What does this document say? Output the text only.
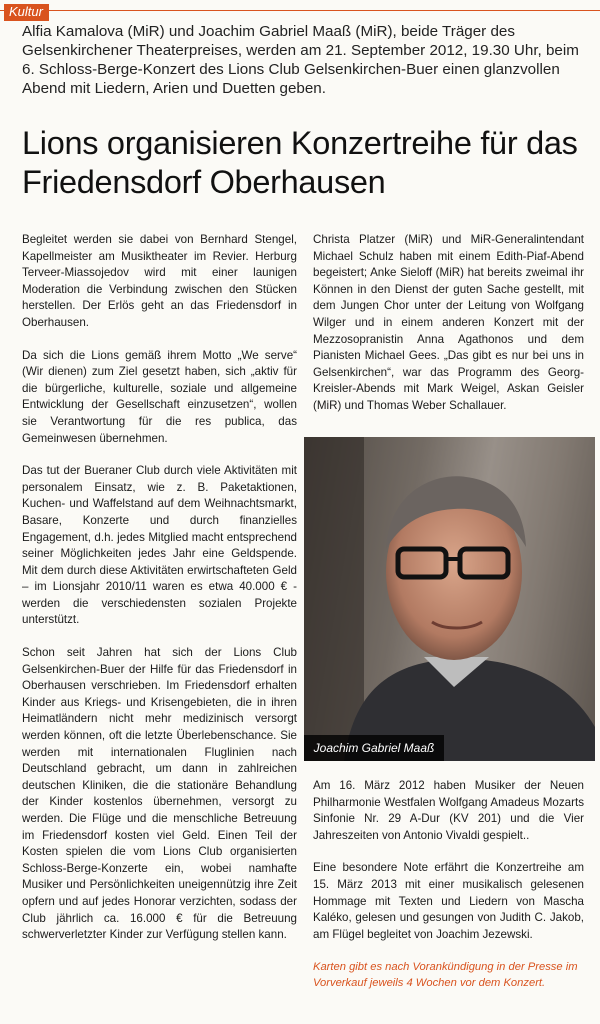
Kultur
Alfia Kamalova (MiR) und Joachim Gabriel Maaß (MiR), beide Träger des Gelsenkirchener Theaterpreises, werden am 21. September 2012, 19.30 Uhr, beim 6. Schloss-Berge-Konzert des Lions Club Gelsenkirchen-Buer einen glanzvollen Abend mit Liedern, Arien und Duetten geben.
Lions organisieren Konzertreihe für das Friedensdorf Oberhausen

Begleitet werden sie dabei von Bernhard Stengel, Kapellmeister am Musiktheater im Revier. Herburg Terveer-Miassojedov wird mit einer launigen Moderation die Verbindung zwischen den Stücken herstellen. Der Erlös geht an das Friedensdorf in Oberhausen.

Da sich die Lions gemäß ihrem Motto „We serve“ (Wir dienen) zum Ziel gesetzt haben, sich „aktiv für die bürgerliche, kulturelle, soziale und allgemeine Entwicklung der Gesellschaft einzusetzen“, wollen sie Verantwortung für die res publica, das Gemeinwesen übernehmen.

Das tut der Bueraner Club durch viele Aktivitäten mit personalem Einsatz, wie z. B. Paketaktionen, Kuchen- und Waffelstand auf dem Weihnachtsmarkt, Basare, Konzerte und durch finanzielles Engagement, d.h. jedes Mitglied macht entsprechend seiner Möglichkeiten jedes Jahr eine Geldspende. Mit dem durch diese Aktivitäten erwirtschafteten Geld – im Lionsjahr 2010/11 waren es etwa 40.000 € - werden die verschiedensten sozialen Projekte unterstützt.

Schon seit Jahren hat sich der Lions Club Gelsenkirchen-Buer der Hilfe für das Friedensdorf in Oberhausen verschrieben. Im Friedensdorf erhalten Kinder aus Kriegs- und Krisengebieten, die in ihren Heimatländern nicht mehr medizinisch versorgt werden können, oft die letzte Überlebenschance. Sie werden mit internationalen Fluglinien nach Deutschland gebracht, um dann in zahlreichen deutschen Kliniken, die die stationäre Behandlung der Kinder kostenlos übernehmen, versorgt zu werden. Die Flüge und die menschliche Betreuung im Friedensdorf kosten viel Geld. Einen Teil der Kosten spielen die vom Lions Club organisierten Schloss-Berge-Konzerte ein, wobei namhafte Musiker und Persönlichkeiten uneigennützig ihre Zeit opfern und auf jedes Honorar verzichten, sodass der Club jährlich ca. 16.000 € für die Betreuung schwerverletzter Kinder zur Verfügung stellen kann.

Christa Platzer (MiR) und MiR-Generalintendant Michael Schulz haben mit einem Edith-Piaf-Abend begeistert; Anke Sieloff (MiR) hat bereits zweimal ihr Können in den Dienst der guten Sache gestellt, mit dem Jungen Chor unter der Leitung von Wolfgang Wilger und in einem anderen Konzert mit der Mezzosopranistin Anna Agathonos und dem Pianisten Michael Gees. „Das gibt es nur bei uns in Gelsenkirchen“, war das Programm des Georg-Kreisler-Abends mit Mark Weigel, Askan Geisler (MiR) und Thomas Weber Schallauer.

Joachim Gabriel Maaß

Am 16. März 2012 haben Musiker der Neuen Philharmonie Westfalen Wolfgang Amadeus Mozarts Sinfonie Nr. 29 A-Dur (KV 201) und die Vier Jahreszeiten von Antonio Vivaldi gespielt..

Eine besondere Note erfährt die Konzertreihe am 15. März 2013 mit einer musikalisch gelesenen Hommage mit Texten und Liedern von Mascha Kaléko, gelesen und gesungen von Judith C. Jakob, am Flügel begleitet von Joachim Jezewski.

Karten gibt es nach Vorankündigung in der Presse im Vorverkauf jeweils 4 Wochen vor dem Konzert.
